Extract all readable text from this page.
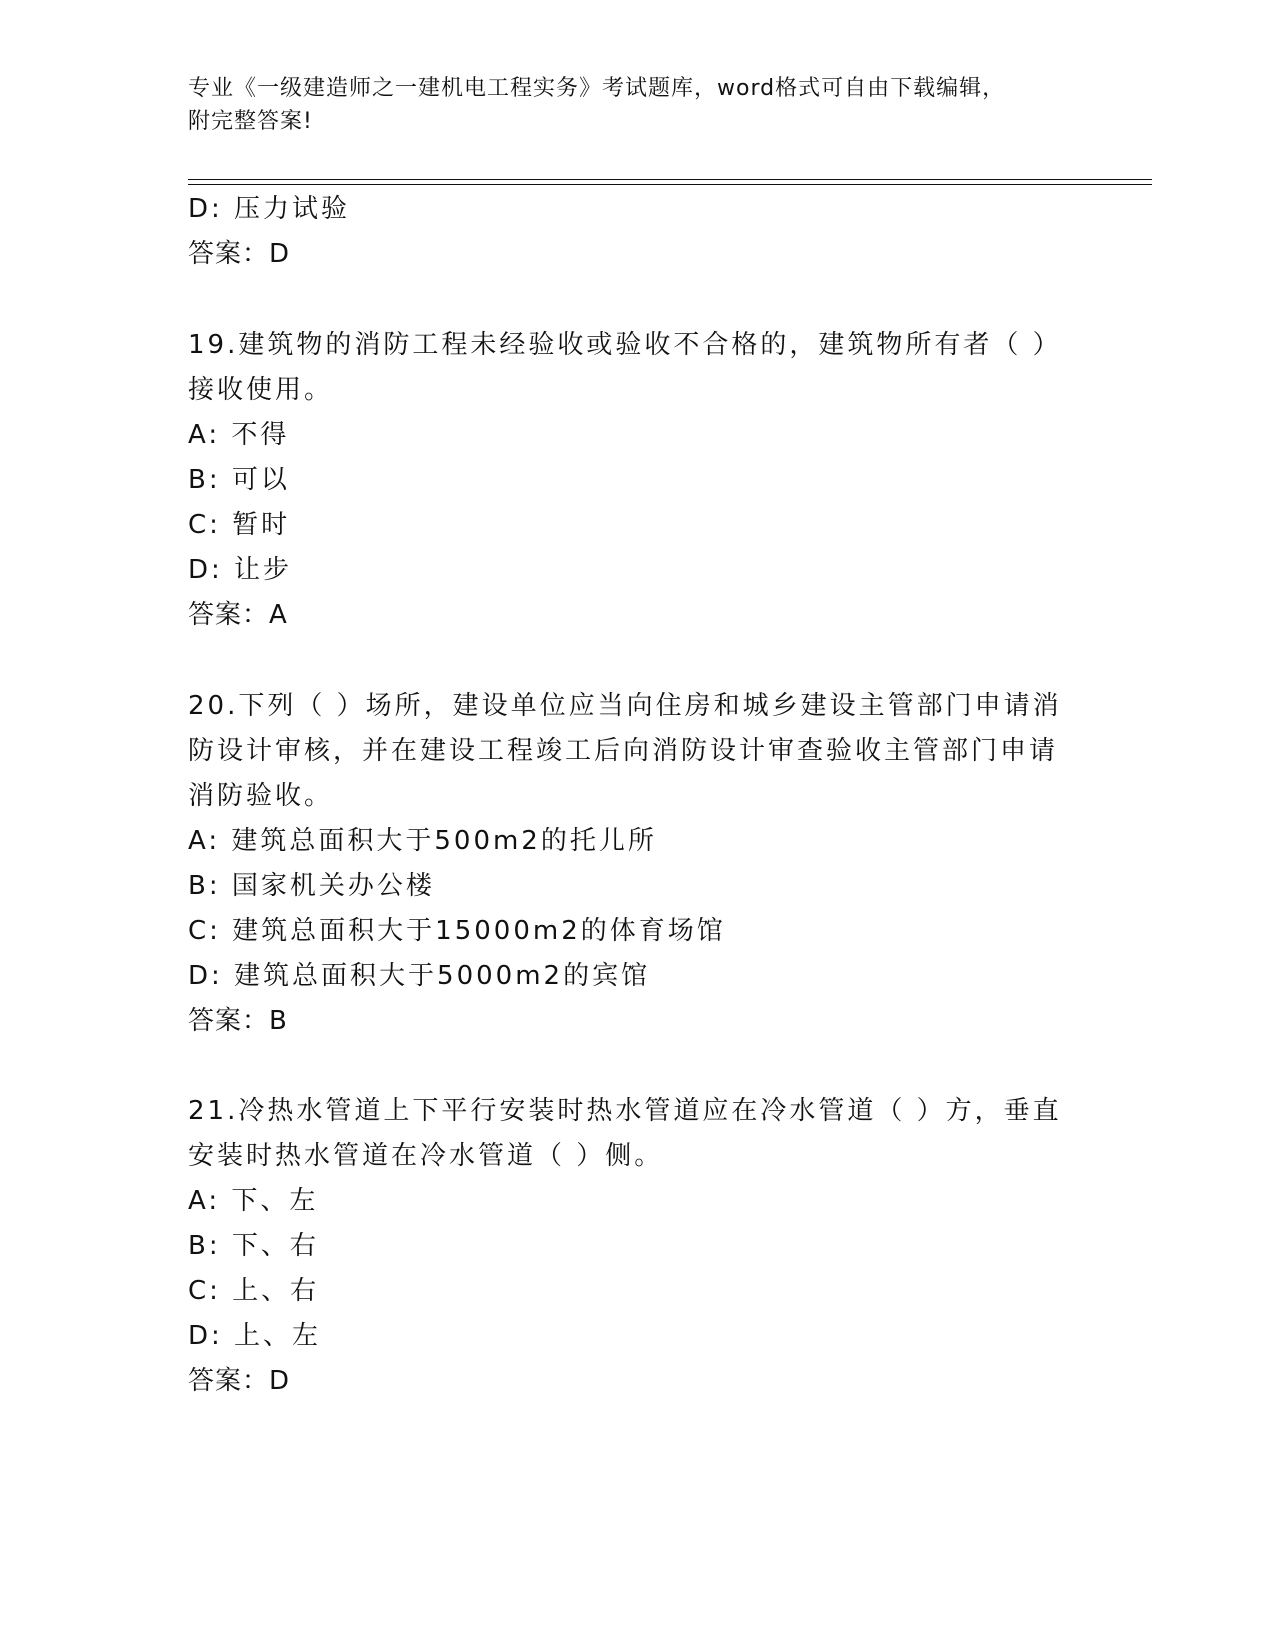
专业《一级建造师之一建机电工程实务》考试题库，word格式可自由下载编辑，
附完整答案!
D: 压力试验
答案：D
19.建筑物的消防工程未经验收或验收不合格的，建筑物所有者（ ）
接收使用。
A: 不得
B: 可以
C: 暂时
D: 让步
答案：A
20.下列（ ）场所，建设单位应当向住房和城乡建设主管部门申请消
防设计审核，并在建设工程竣工后向消防设计审查验收主管部门申请
消防验收。
A: 建筑总面积大于500m2的托儿所
B: 国家机关办公楼
C: 建筑总面积大于15000m2的体育场馆
D: 建筑总面积大于5000m2的宾馆
答案：B
21.冷热水管道上下平行安装时热水管道应在冷水管道（ ）方，垂直
安装时热水管道在冷水管道（ ）侧。
A: 下、左
B: 下、右
C: 上、右
D: 上、左
答案：D
